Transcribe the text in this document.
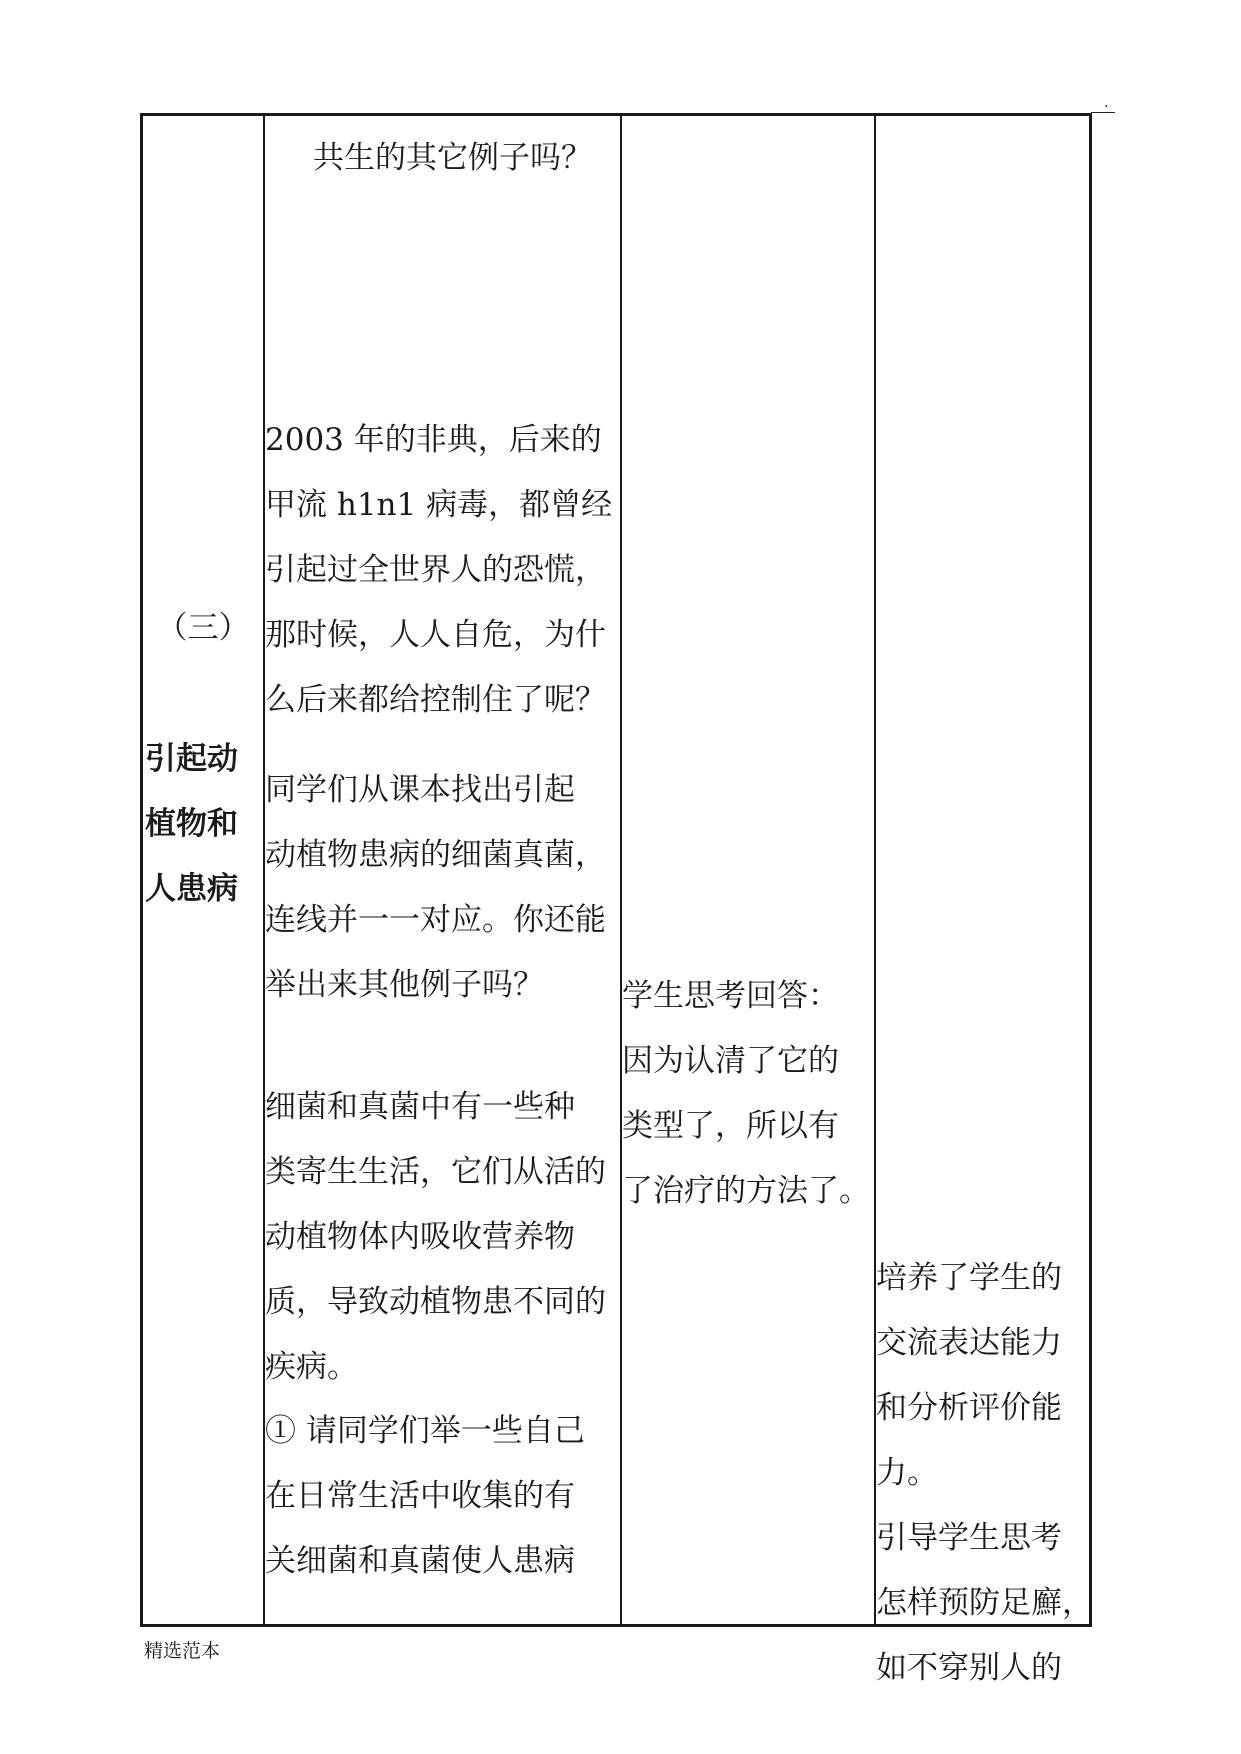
.

（三）

引起动

植物和

人患病

共生的其它例子吗？

2003 年的非典，后来的

甲流 h1n1 病毒，都曾经

引起过全世界人的恐慌，

那时候，人人自危，为什

么后来都给控制住了呢？

同学们从课本找出引起

动植物患病的细菌真菌，

连线并一一对应。你还能

举出来其他例子吗？

细菌和真菌中有一些种

类寄生生活，它们从活的

动植物体内吸收营养物

质，导致动植物患不同的

疾病。

① 请同学们举一些自己

在日常生活中收集的有

关细菌和真菌使人患病

学生思考回答：

因为认清了它的

类型了，所以有

了治疗的方法了。

培养了学生的

交流表达能力

和分析评价能

力。

引导学生思考

怎样预防足廯，

如不穿别人的

精选范本
